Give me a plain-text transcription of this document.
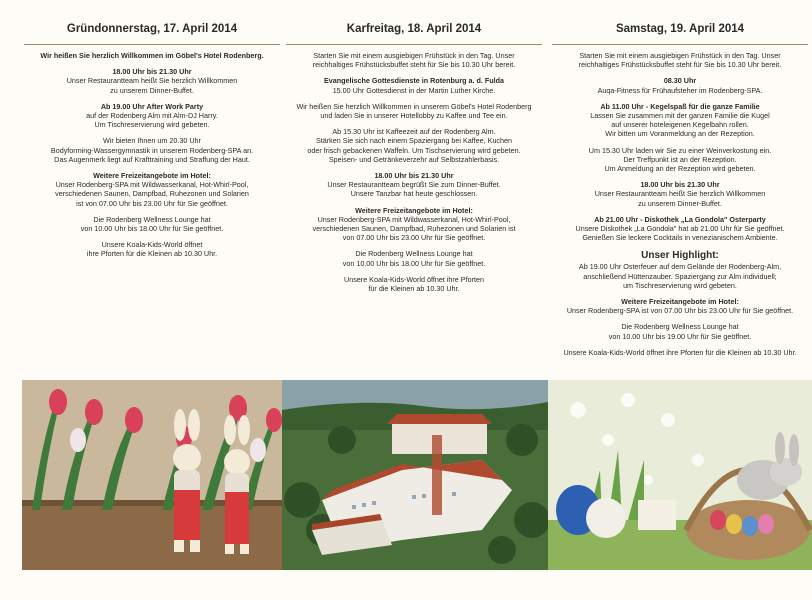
Gründonnerstag, 17. April 2014
Wir heißen Sie herzlich Willkommen im Göbel's Hotel Rodenberg.
18.00 Uhr bis 21.30 Uhr
Unser Restaurantteam heißt Sie herzlich Willkommen
zu unserem Dinner-Buffet.
Ab 19.00 Uhr After Work Party
auf der Rodenberg Alm mit Alm-DJ Harry.
Um Tischreservierung wird gebeten.
Wir bieten Ihnen um 20.30 Uhr
Bodyforming-Wassergymnastik in unserem Rodenberg-SPA an.
Das Augenmerk liegt auf Krafttraining und Straffung der Haut.
Weitere Freizeitangebote im Hotel:
Unser Rodenberg-SPA mit Wildwasserkanal, Hot-Whirl-Pool,
verschiedenen Saunen, Dampfbad, Ruhezonen und Solarien
ist von 07.00 Uhr bis 23.00 Uhr für Sie geöffnet.
Die Rodenberg Wellness Lounge hat
von 10.00 Uhr bis 18.00 Uhr für Sie geöffnet.
Unsere Koala-Kids-World öffnet
ihre Pforten für die Kleinen ab 10.30 Uhr.
Karfreitag, 18. April 2014
Starten Sie mit einem ausgiebigen Frühstück in den Tag. Unser
reichhaltiges Frühstücksbuffet steht für Sie bis 10.30 Uhr bereit.
Evangelische Gottesdienste in Rotenburg a. d. Fulda
15.00 Uhr Gottesdienst in der Martin Luther Kirche.
Wir heißen Sie herzlich Willkommen in unserem Göbel's Hotel Rodenberg
und laden Sie in unserer Hotellobby zu Kaffee und Tee ein.
Ab 15.30 Uhr ist Kaffeezeit auf der Rodenberg Alm.
Stärken Sie sich nach einem Spaziergang bei Kaffee, Kuchen
oder frisch gebackenen Waffeln. Um Tischservierung wird gebeten.
Speisen- und Getränkeverzehr auf Selbstzahlerbasis.
18.00 Uhr bis 21.30 Uhr
Unser Restaurantteam begrüßt Sie zum Dinner-Buffet.
Unsere Tanzbar hat heute geschlossen.
Weitere Freizeitangebote im Hotel:
Unser Rodenberg-SPA mit Wildwasserkanal, Hot-Whirl-Pool,
verschiedenen Saunen, Dampfbad, Ruhezonen und Solarien ist
von 07.00 Uhr bis 23.00 Uhr für Sie geöffnet.
Die Rodenberg Wellness Lounge hat
von 10.00 Uhr bis 18.00 Uhr für Sie geöffnet.
Unsere Koala-Kids-World öffnet ihre Pforten
für die Kleinen ab 10.30 Uhr.
Samstag, 19. April 2014
Starten Sie mit einem ausgiebigen Frühstück in den Tag. Unser
reichhaltiges Frühstücksbuffet steht für Sie bis 10.30 Uhr bereit.
08.30 Uhr
Auqa-Fitness für Frühaufsteher im Rodenberg-SPA.
Ab 11.00 Uhr - Kegelspaß für die ganze Familie
Lassen Sie zusammen mit der ganzen Familie die Kugel
auf unserer hoteleigenen Kegelbahn rollen.
Wir bitten um Voranmeldung an der Rezeption.
Um 15.30 Uhr laden wir Sie zu einer Weinverkostung ein.
Der Treffpunkt ist an der Rezeption.
Um Anmeldung an der Rezeption wird gebeten.
18.00 Uhr bis 21.30 Uhr
Unser Restaurantteam heißt Sie herzlich Willkommen
zu unserem Dinner-Buffet.
Ab 21.00 Uhr - Diskothek „La Gondola" Osterparty
Unsere Diskothek „La Gondola" hat ab 21.00 Uhr für Sie geöffnet.
Genießen Sie leckere Cocktails in venezianischem Ambiente.
Unser Highlight:
Ab 19.00 Uhr Osterfeuer auf dem Gelände der Rodenberg-Alm,
anschließend Hüttenzauber. Spaziergang zur Alm individuell;
um Tischreservierung wird gebeten.
Weitere Freizeitangebote im Hotel:
Unser Rodenberg-SPA ist von 07.00 Uhr bis 23.00 Uhr für Sie geöffnet.
Die Rodenberg Wellness Lounge hat
von 10.00 Uhr bis 19.00 Uhr für Sie geöffnet.
Unsere Koala-Kids-World öffnet ihre Pforten für die Kleinen ab 10.30 Uhr.
